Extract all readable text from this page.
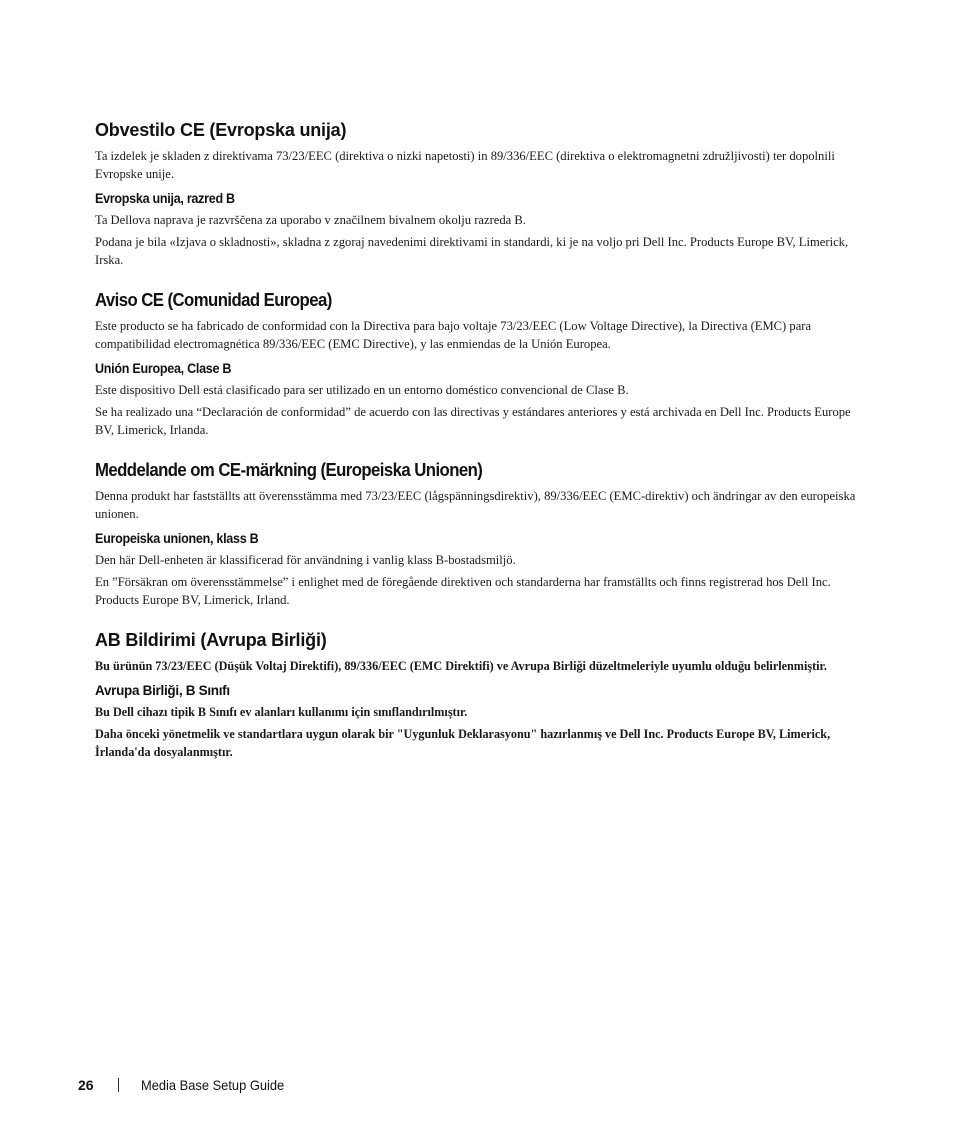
Obvestilo CE (Evropska unija)

Ta izdelek je skladen z direktivama 73/23/EEC (direktiva o nizki napetosti) in 89/336/EEC (direktiva o elektromagnetni združljivosti) ter dopolnili Evropske unije.

Evropska unija, razred B

Ta Dellova naprava je razvrščena za uporabo v značilnem bivalnem okolju razreda B.

Podana je bila «Izjava o skladnosti», skladna z zgoraj navedenimi direktivami in standardi, ki je na voljo pri Dell Inc. Products Europe BV, Limerick, Irska.

Aviso CE (Comunidad Europea)

Este producto se ha fabricado de conformidad con la Directiva para bajo voltaje 73/23/EEC (Low Voltage Directive), la Directiva (EMC) para compatibilidad electromagnética 89/336/EEC (EMC Directive), y las enmiendas de la Unión Europea.

Unión Europea, Clase B

Este dispositivo Dell está clasificado para ser utilizado en un entorno doméstico convencional de Clase B.

Se ha realizado una “Declaración de conformidad” de acuerdo con las directivas y estándares anteriores y está archivada en Dell Inc. Products Europe BV, Limerick, Irlanda.

Meddelande om CE-märkning (Europeiska Unionen)

Denna produkt har fastställts att överensstämma med 73/23/EEC (lågspänningsdirektiv), 89/336/EEC (EMC-direktiv) och ändringar av den europeiska unionen.

Europeiska unionen, klass B

Den här Dell-enheten är klassificerad för användning i vanlig klass B-bostadsmiljö.

En ”Försäkran om överensstämmelse” i enlighet med de föregående direktiven och standarderna har framställts och finns registrerad hos Dell Inc. Products Europe BV, Limerick, Irland.

AB Bildirimi (Avrupa Birliği)

Bu ürünün 73/23/EEC (Düşük Voltaj Direktifi), 89/336/EEC (EMC Direktifi) ve Avrupa Birliği düzeltmeleriyle uyumlu olduğu belirlenmiştir.

Avrupa Birliği, B Sınıfı

Bu Dell cihazı tipik B Sınıfı ev alanları kullanımı için sınıflandırılmıştır.

Daha önceki yönetmelik ve standartlara uygun olarak bir "Uygunluk Deklarasyonu" hazırlanmış ve Dell Inc. Products Europe BV, Limerick, İrlanda'da dosyalanmıştır.

26	Media Base Setup Guide
